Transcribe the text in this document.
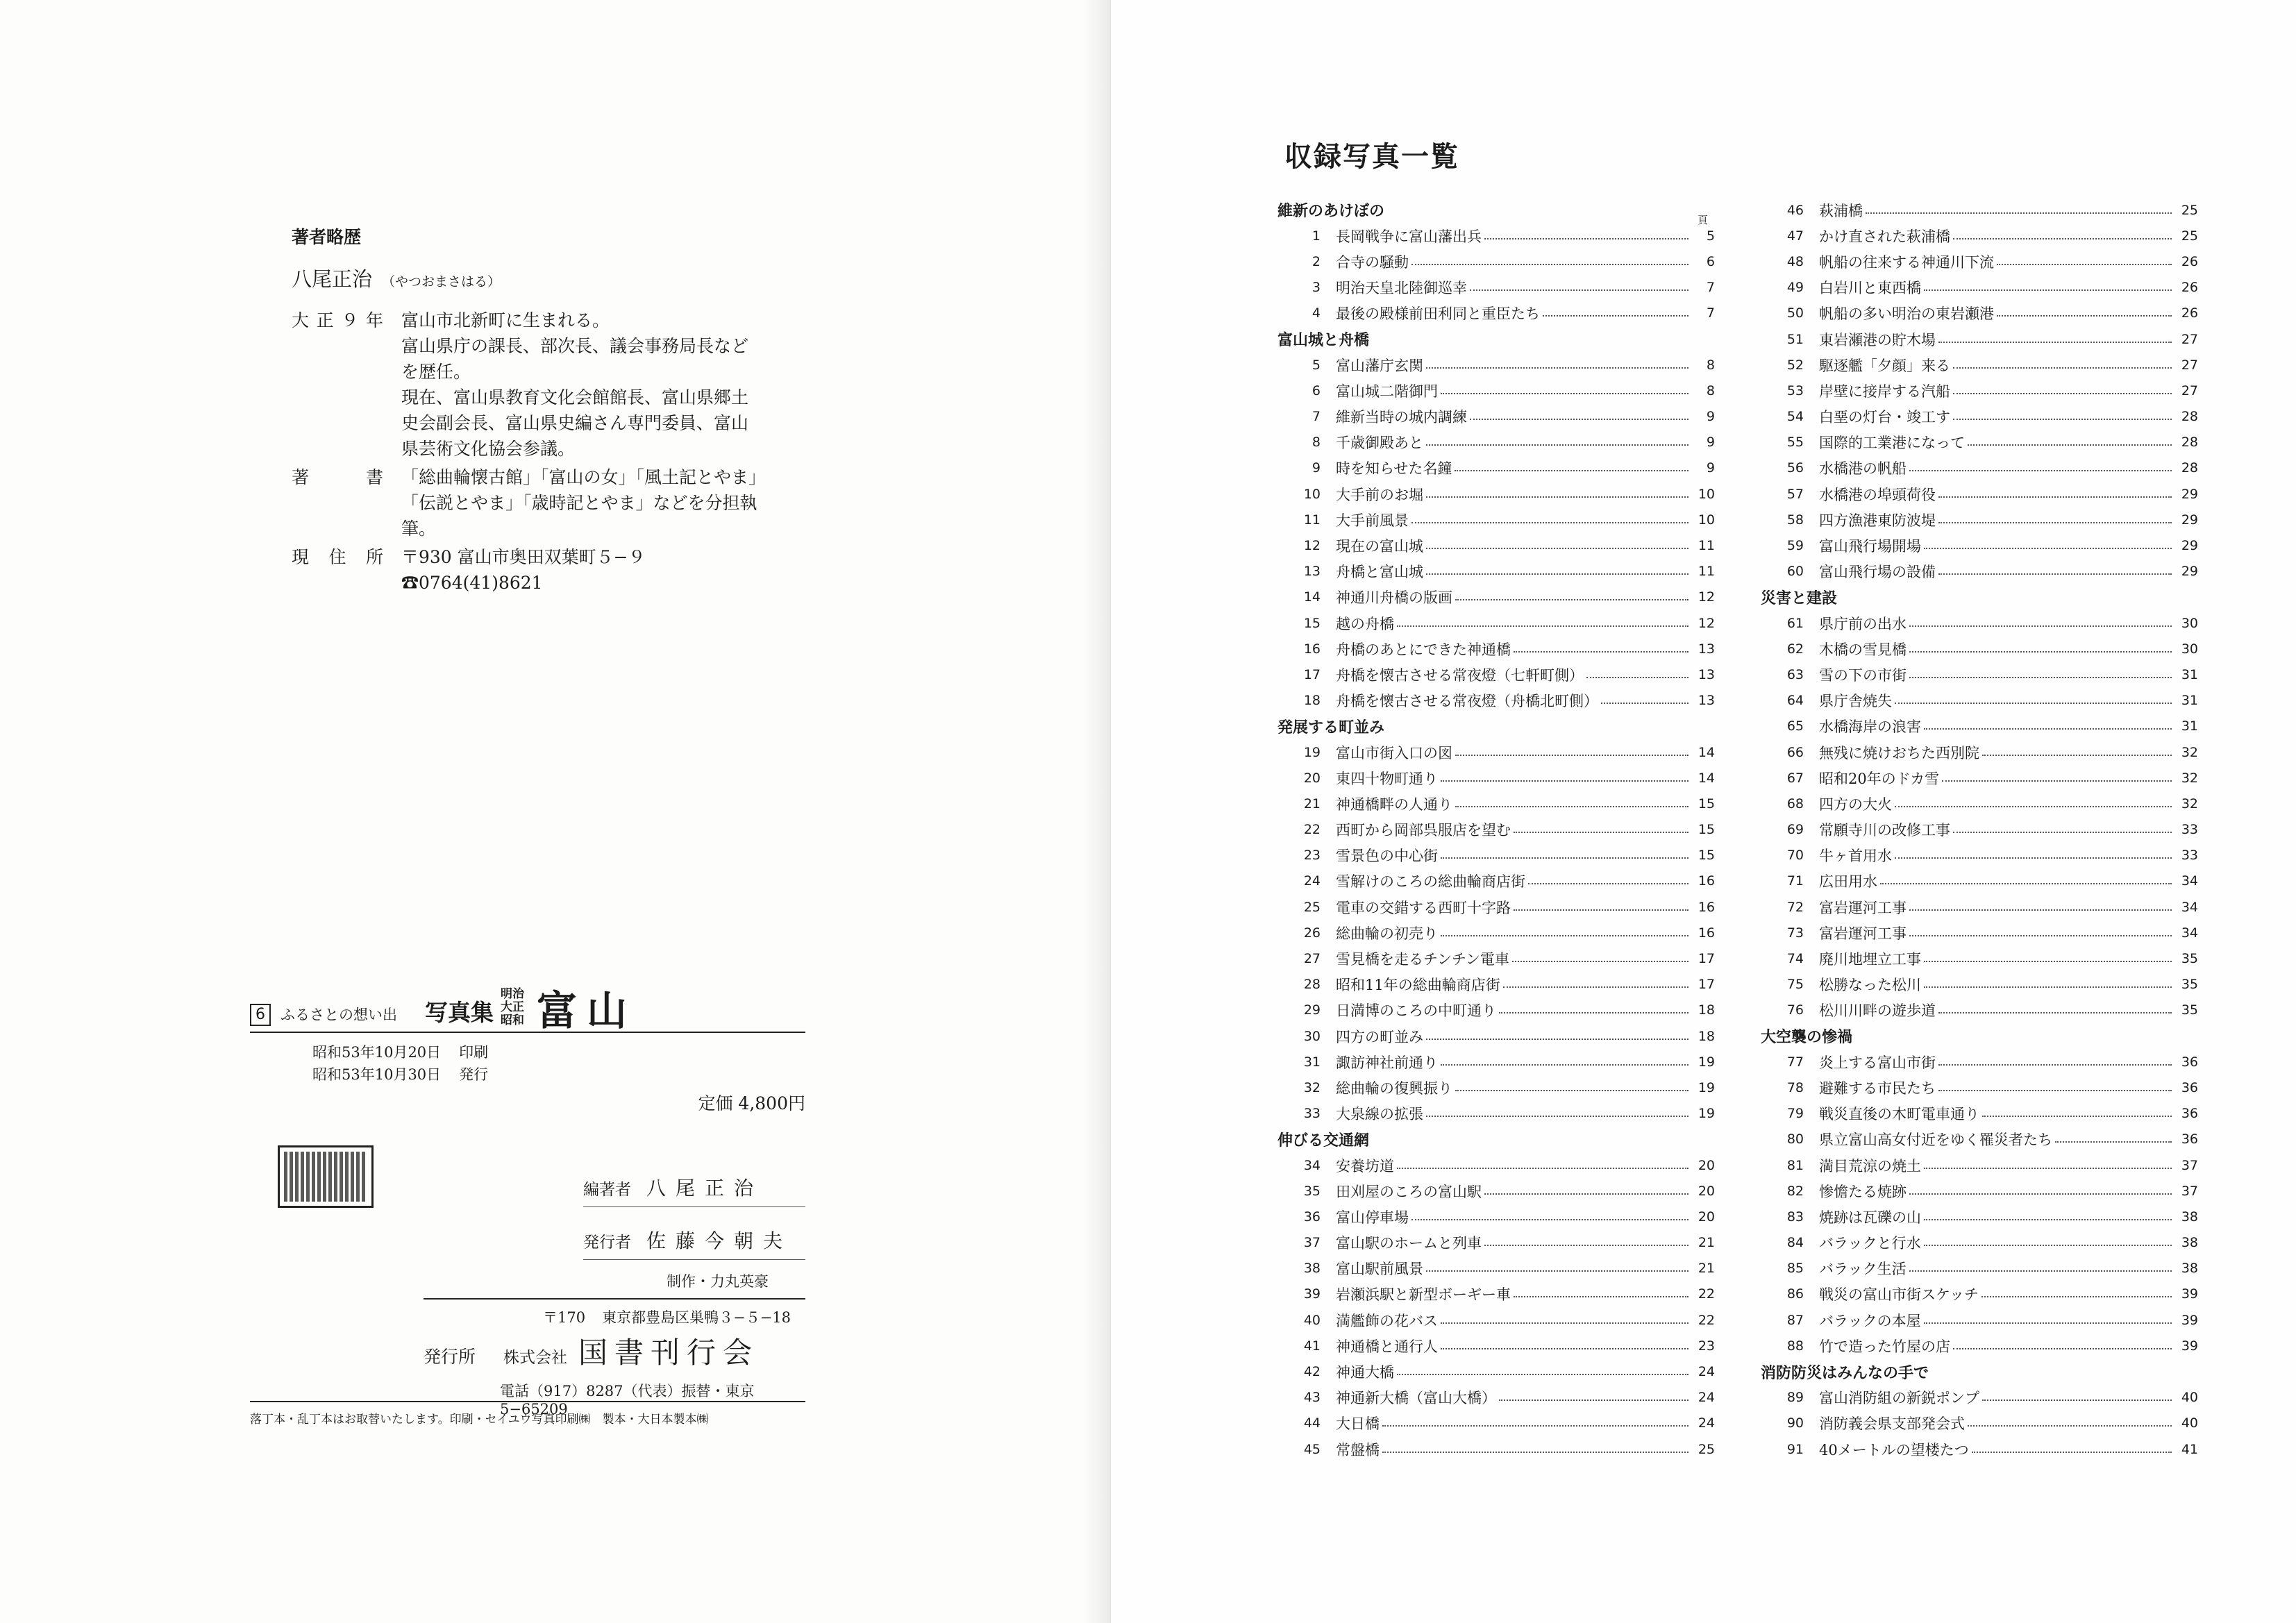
著者略歴
八尾正治 （やつおまさはる）
大正９年	富山市北新町に生まれる。
富山県庁の課長、部次長、議会事務局長など
を歴任。
現在、富山県教育文化会館館長、富山県郷土
史会副会長、富山県史編さん専門委員、富山
県芸術文化協会参議。
著　書	「総曲輪懐古館」「富山の女」「風土記とやま」
「伝説とやま」「歳時記とやま」などを分担執
筆。
現住所	〒930 富山市奥田双葉町５−９ ☎0764(41)8621
6	ふるさとの想い出 写真集
明治
大正
昭和 富山
昭和53年10月20日 印刷
昭和53年10月30日 発行
定価 4,800円
編著者 八尾正治
発行者 佐藤今朝夫
制作・力丸英豪
〒170 東京都豊島区巣鴨３−５−18
発行所 株式会社 国書刊行会
電話（917）8287（代表）振替・東京5−65209
落丁本・乱丁本はお取替いたします。印刷・セイユウ写真印刷㈱　製本・大日本製本㈱
収録写真一覧
維新のあけぼの	頁
1 長岡戦争に富山藩出兵	5
2 合寺の騒動	6
3 明治天皇北陸御巡幸	7
4 最後の殿様前田利同と重臣たち	7
富山城と舟橋
5 富山藩庁玄関	8
6 富山城二階御門	8
7 維新当時の城内調練	9
8 千歳御殿あと	9
9 時を知らせた名鐘	9
10 大手前のお堀	10
11 大手前風景	10
12 現在の富山城	11
13 舟橋と富山城	11
14 神通川舟橋の版画	12
15 越の舟橋	12
16 舟橋のあとにできた神通橋	13
17 舟橋を懐古させる常夜燈（七軒町側）	13
18 舟橋を懐古させる常夜燈（舟橋北町側）	13
発展する町並み
19 富山市街入口の図	14
20 東四十物町通り	14
21 神通橋畔の人通り	15
22 西町から岡部呉服店を望む	15
23 雪景色の中心街	15
24 雪解けのころの総曲輪商店街	16
25 電車の交錯する西町十字路	16
26 総曲輪の初売り	16
27 雪見橋を走るチンチン電車	17
28 昭和11年の総曲輪商店街	17
29 日満博のころの中町通り	18
30 四方の町並み	18
31 諏訪神社前通り	19
32 総曲輪の復興振り	19
33 大泉線の拡張	19
伸びる交通網
34 安養坊道	20
35 田刈屋のころの富山駅	20
36 富山停車場	20
37 富山駅のホームと列車	21
38 富山駅前風景	21
39 岩瀬浜駅と新型ボーギー車	22
40 満艦飾の花バス	22
41 神通橋と通行人	23
42 神通大橋	24
43 神通新大橋（富山大橋）	24
44 大日橋	24
45 常盤橋	25
46 萩浦橋	25
47 かけ直された萩浦橋	25
48 帆船の往来する神通川下流	26
49 白岩川と東西橋	26
50 帆船の多い明治の東岩瀬港	26
51 東岩瀬港の貯木場	27
52 駆逐艦「夕顔」来る	27
53 岸壁に接岸する汽船	27
54 白堊の灯台・竣工す	28
55 国際的工業港になって	28
56 水橋港の帆船	28
57 水橋港の埠頭荷役	29
58 四方漁港東防波堤	29
59 富山飛行場開場	29
60 富山飛行場の設備	29
災害と建設
61 県庁前の出水	30
62 木橋の雪見橋	30
63 雪の下の市街	31
64 県庁舎焼失	31
65 水橋海岸の浪害	31
66 無残に焼けおちた西別院	32
67 昭和20年のドカ雪	32
68 四方の大火	32
69 常願寺川の改修工事	33
70 牛ヶ首用水	33
71 広田用水	34
72 富岩運河工事	34
73 富岩運河工事	34
74 廃川地埋立工事	35
75 松勝なった松川	35
76 松川川畔の遊歩道	35
大空襲の惨禍
77 炎上する富山市街	36
78 避難する市民たち	36
79 戦災直後の木町電車通り	36
80 県立富山高女付近をゆく罹災者たち	36
81 満目荒涼の焼土	37
82 惨憺たる焼跡	37
83 焼跡は瓦礫の山	38
84 バラックと行水	38
85 バラック生活	38
86 戦災の富山市街スケッチ	39
87 バラックの本屋	39
88 竹で造った竹屋の店	39
消防防災はみんなの手で
89 富山消防組の新鋭ポンプ	40
90 消防義会県支部発会式	40
91 40メートルの望楼たつ	41
